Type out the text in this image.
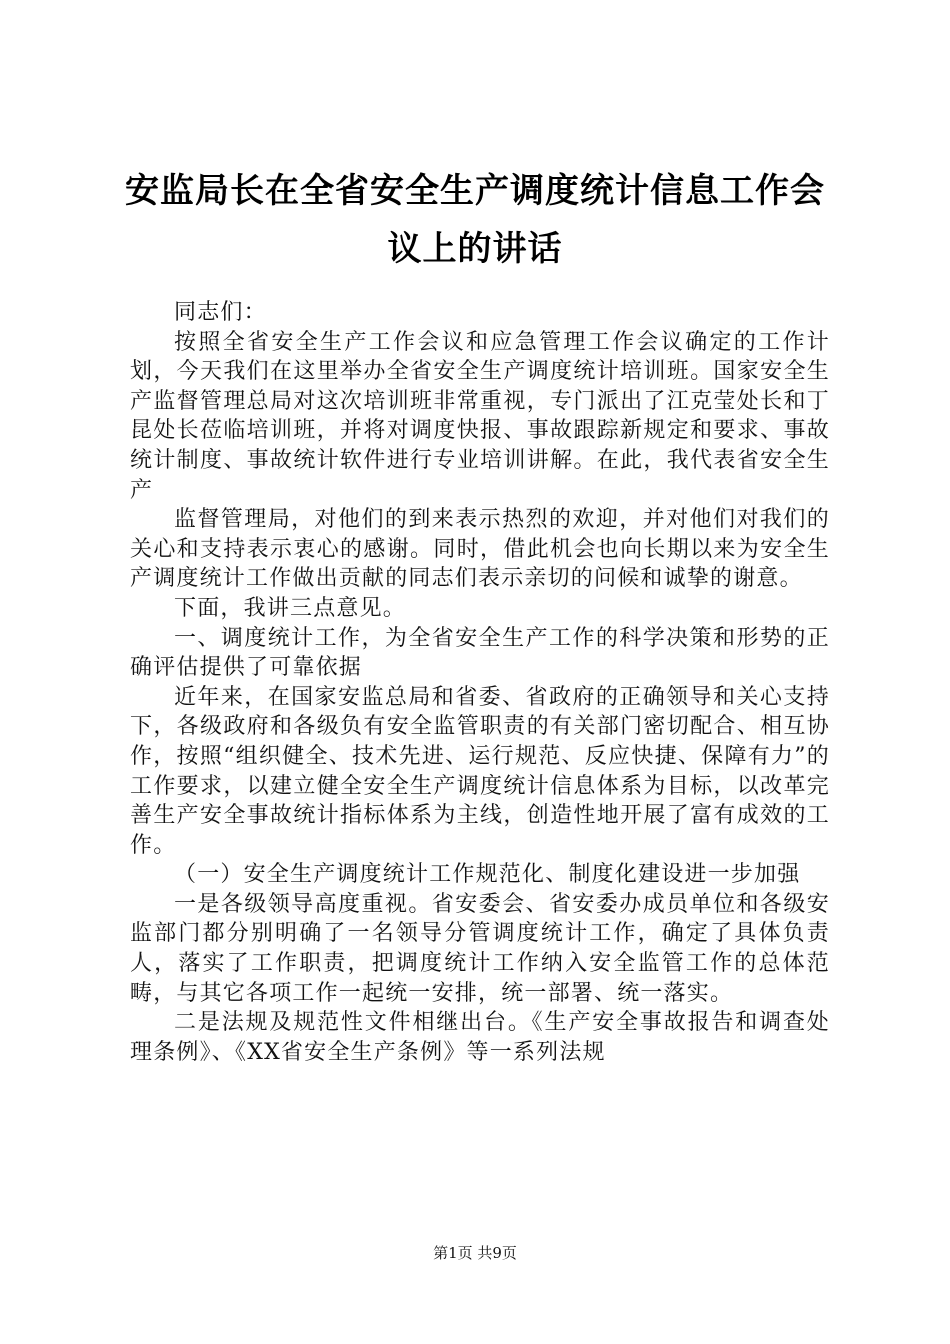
安监局长在全省安全生产调度统计信息工作会
议上的讲话

同志们：

按照全省安全生产工作会议和应急管理工作会议确定的工作计划，今天我们在这里举办全省安全生产调度统计培训班。国家安全生产监督管理总局对这次培训班非常重视，专门派出了江克莹处长和丁昆处长莅临培训班，并将对调度快报、事故跟踪新规定和要求、事故统计制度、事故统计软件进行专业培训讲解。在此，我代表省安全生产

监督管理局，对他们的到来表示热烈的欢迎，并对他们对我们的关心和支持表示衷心的感谢。同时，借此机会也向长期以来为安全生产调度统计工作做出贡献的同志们表示亲切的问候和诚挚的谢意。

下面，我讲三点意见。

一、调度统计工作，为全省安全生产工作的科学决策和形势的正确评估提供了可靠依据

近年来，在国家安监总局和省委、省政府的正确领导和关心支持下，各级政府和各级负有安全监管职责的有关部门密切配合、相互协作，按照“组织健全、技术先进、运行规范、反应快捷、保障有力”的工作要求，以建立健全安全生产调度统计信息体系为目标，以改革完善生产安全事故统计指标体系为主线，创造性地开展了富有成效的工作。

（一）安全生产调度统计工作规范化、制度化建设进一步加强

一是各级领导高度重视。省安委会、省安委办成员单位和各级安监部门都分别明确了一名领导分管调度统计工作，确定了具体负责人，落实了工作职责，把调度统计工作纳入安全监管工作的总体范畴，与其它各项工作一起统一安排，统一部署、统一落实。

二是法规及规范性文件相继出台。《生产安全事故报告和调查处理条例》、《XX省安全生产条例》等一系列法规

第1页 共9页
